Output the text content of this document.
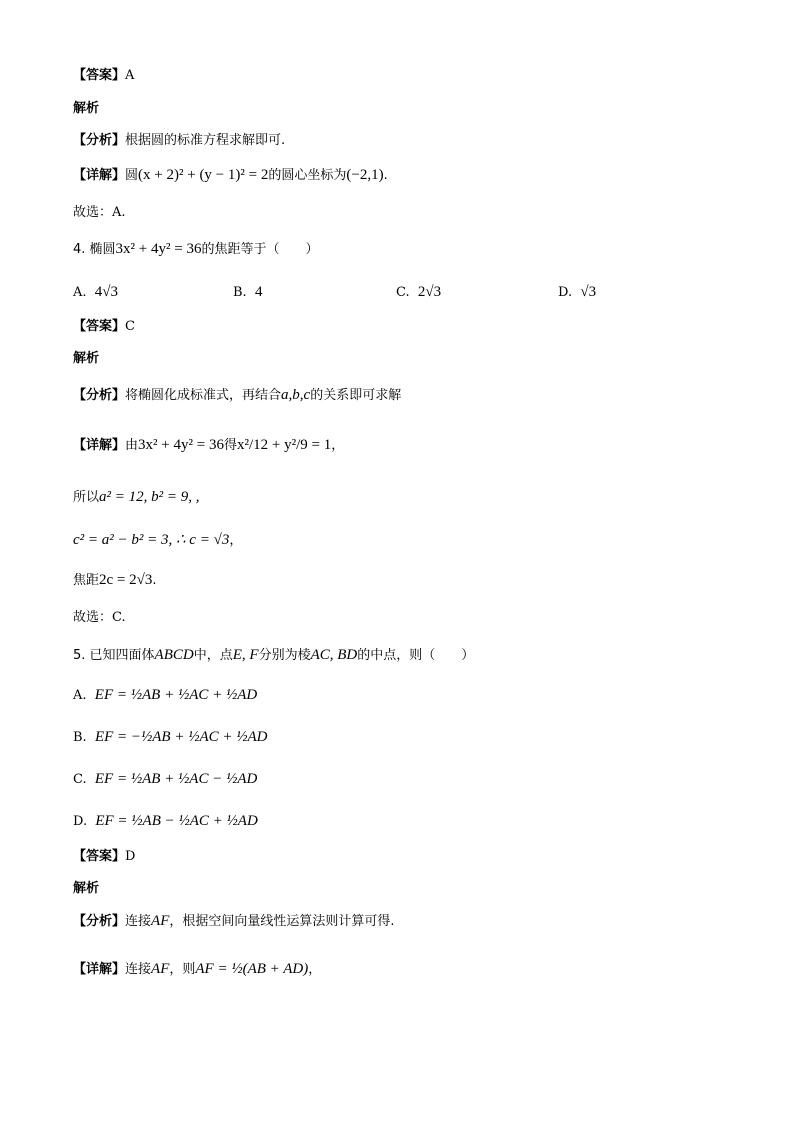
【答案】A
解析
【分析】根据圆的标准方程求解即可.
【详解】圆(x + 2)² + (y − 1)² = 2的圆心坐标为(−2,1).
故选：A.
4. 椭圆3x² + 4y² = 36的焦距等于（　　）
A. 4√3	B. 4	C. 2√3	D. √3
【答案】C
解析
【分析】将椭圆化成标准式，再结合a,b,c的关系即可求解
【详解】由3x² + 4y² = 36得x²/12 + y²/9 = 1，
所以a² = 12, b² = 9, ,
c² = a² − b² = 3, ∴ c = √3，
焦距2c = 2√3.
故选：C.
5. 已知四面体ABCD中，点E, F分别为棱AC, BD的中点，则（　　）
A. EF = ½AB + ½AC + ½AD
B. EF = −½AB + ½AC + ½AD
C. EF = ½AB + ½AC − ½AD
D. EF = ½AB − ½AC + ½AD
【答案】D
解析
【分析】连接AF，根据空间向量线性运算法则计算可得.
【详解】连接AF，则AF = ½(AB + AD)，
